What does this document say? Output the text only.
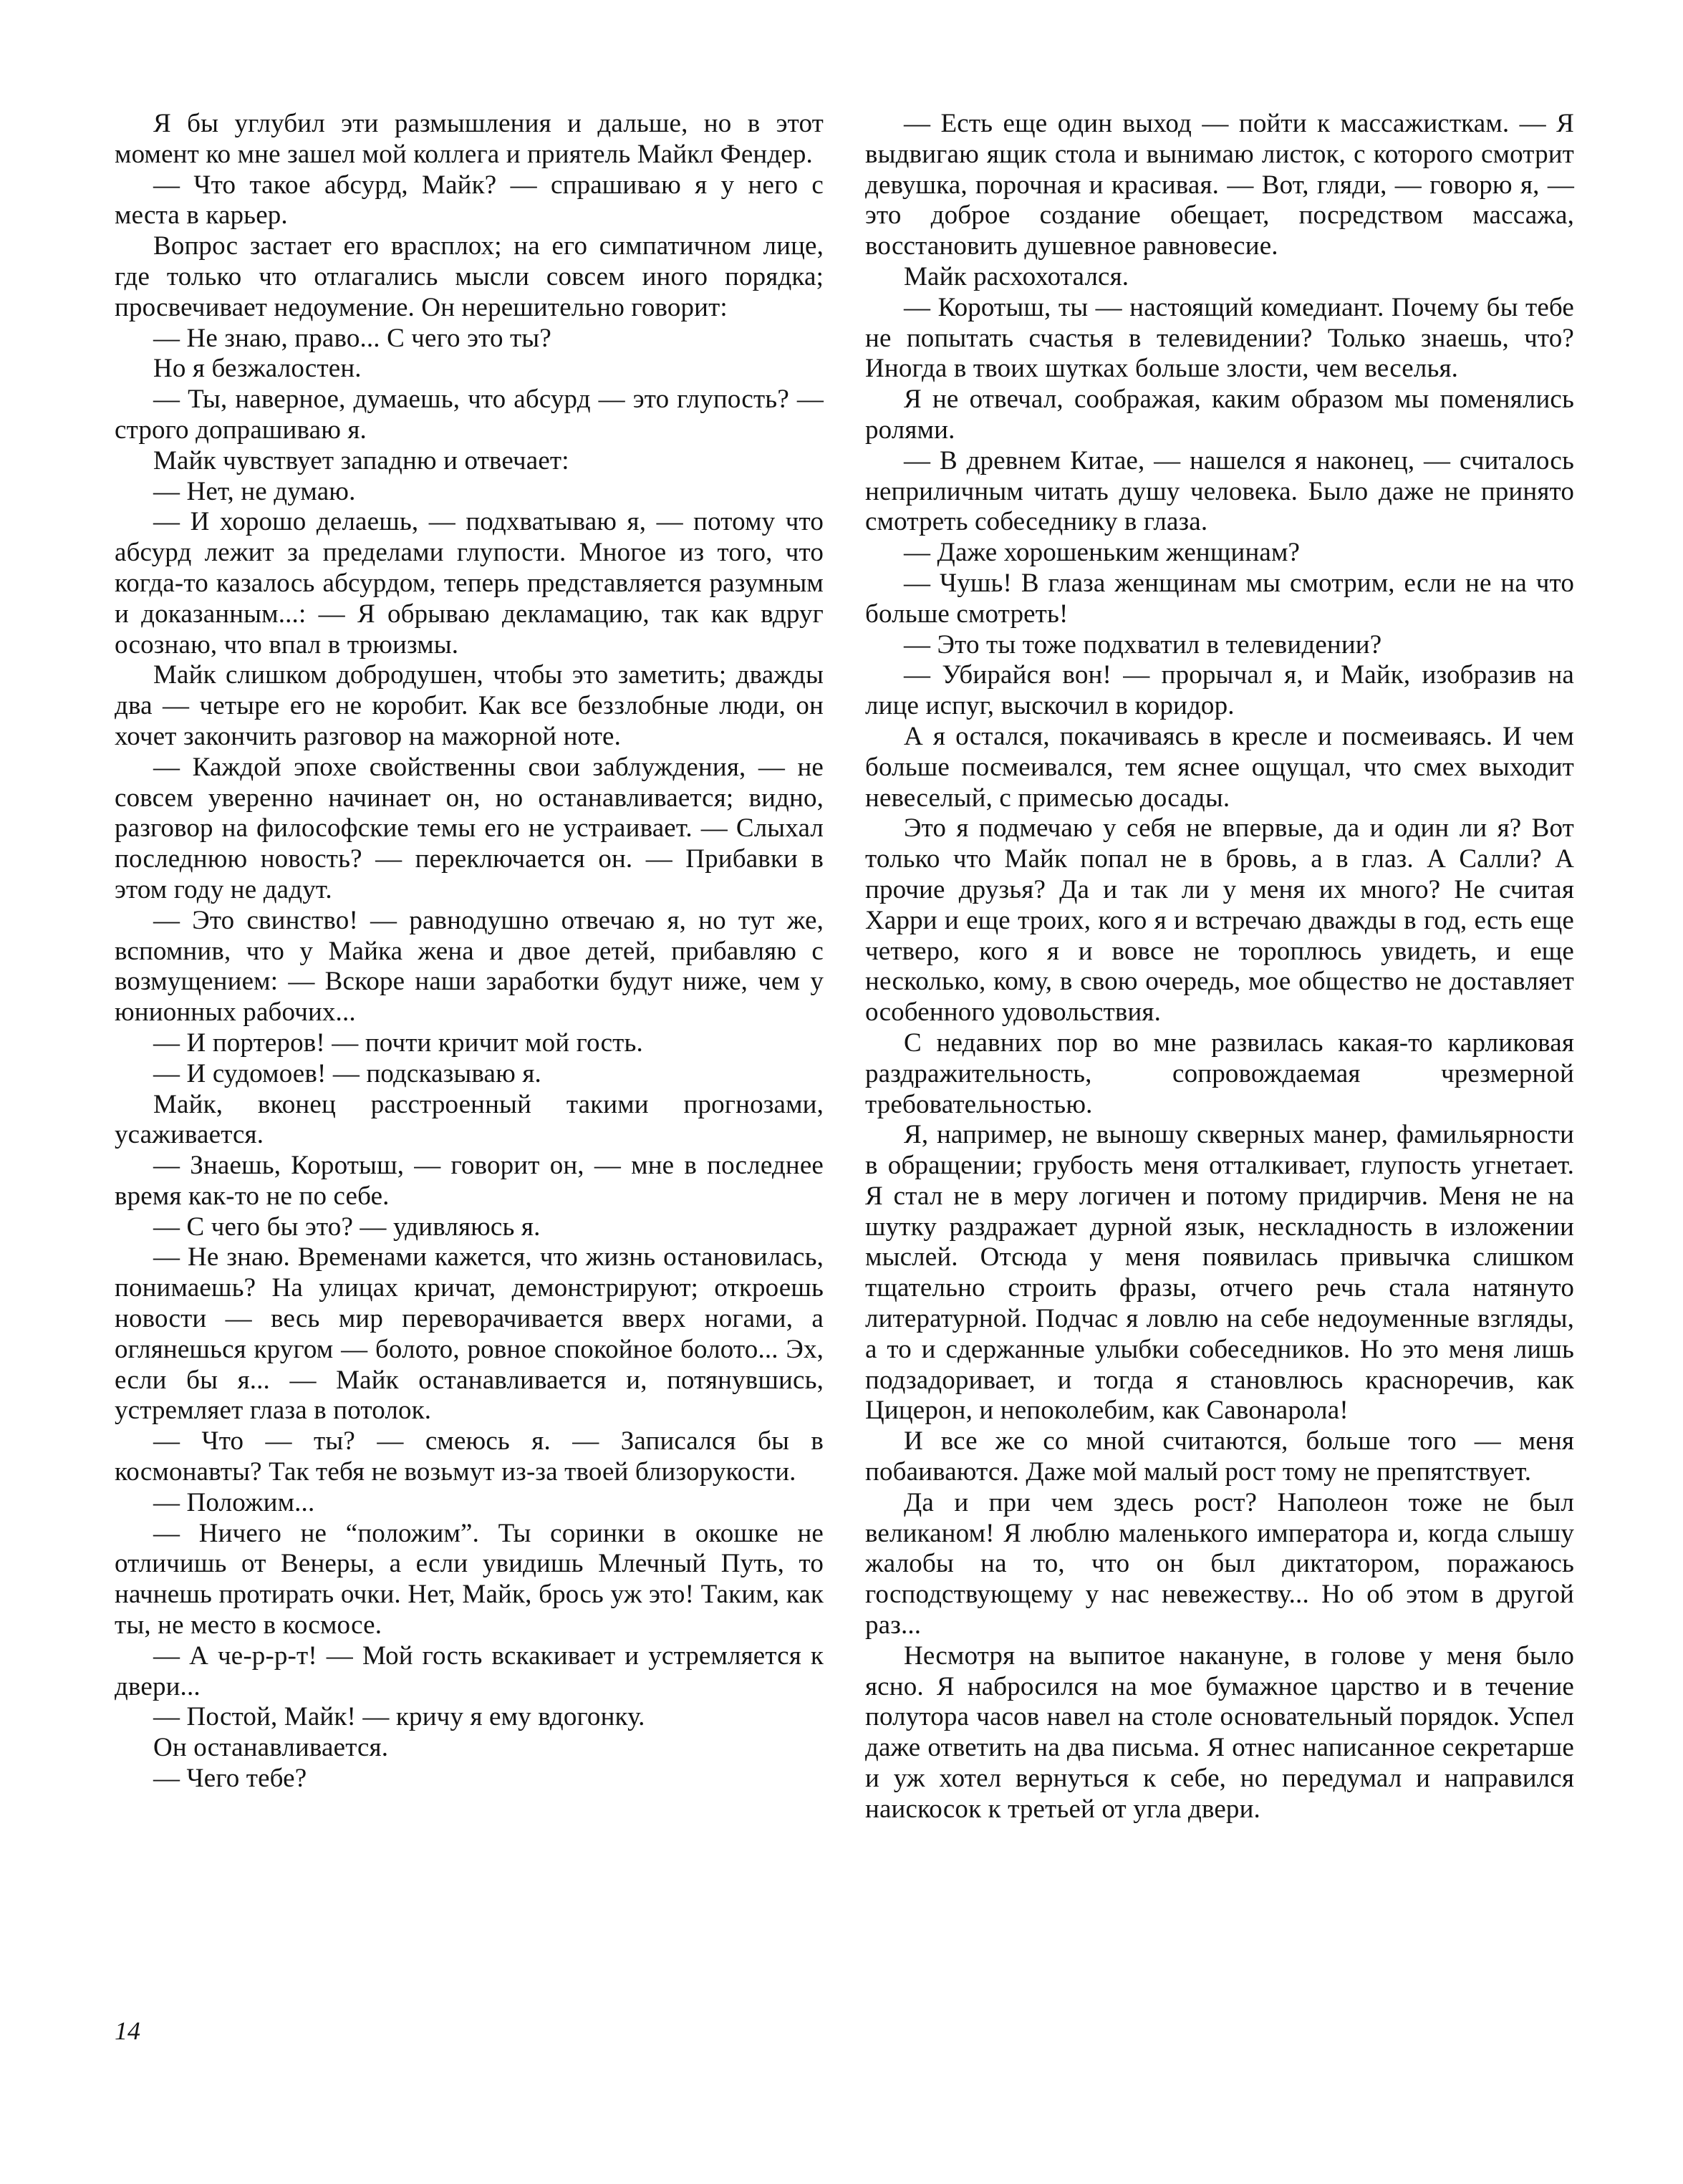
Я бы углубил эти размышления и дальше, но в этот момент ко мне зашел мой коллега и приятель Майкл Фендер.

— Что такое абсурд, Майк? — спрашиваю я у него с места в карьер.

Вопрос застает его врасплох; на его симпатичном лице, где только что отлагались мысли совсем иного порядка; просвечивает недоумение. Он нерешительно говорит:

— Не знаю, право... С чего это ты?

Но я безжалостен.

— Ты, наверное, думаешь, что абсурд — это глупость? — строго допрашиваю я.

Майк чувствует западню и отвечает:

— Нет, не думаю.

— И хорошо делаешь, — подхватываю я, — потому что абсурд лежит за пределами глупости. Многое из того, что когда-то казалось абсурдом, теперь представляется разумным и доказанным...: — Я обрываю декламацию, так как вдруг осознаю, что впал в трюизмы.

Майк слишком добродушен, чтобы это заметить; дважды два — четыре его не коробит. Как все беззлобные люди, он хочет закончить разговор на мажорной ноте.

— Каждой эпохе свойственны свои заблуждения, — не совсем уверенно начинает он, но останавливается; видно, разговор на философские темы его не устраивает. — Слыхал последнюю новость? — переключается он. — Прибавки в этом году не дадут.

— Это свинство! — равнодушно отвечаю я, но тут же, вспомнив, что у Майка жена и двое детей, прибавляю с возмущением: — Вскоре наши заработки будут ниже, чем у юнионных рабочих...

— И портеров! — почти кричит мой гость.

— И судомоев! — подсказываю я.

Майк, вконец расстроенный такими прогнозами, усаживается.

— Знаешь, Коротыш, — говорит он, — мне в последнее время как-то не по себе.

— С чего бы это? — удивляюсь я.

— Не знаю. Временами кажется, что жизнь остановилась, понимаешь? На улицах кричат, демонстрируют; откроешь новости — весь мир переворачивается вверх ногами, а оглянешься кругом — болото, ровное спокойное болото... Эх, если бы я... — Майк останавливается и, потянувшись, устремляет глаза в потолок.

— Что — ты? — смеюсь я. — Записался бы в космонавты? Так тебя не возьмут из-за твоей близорукости.

— Положим...

— Ничего не “положим”. Ты соринки в окошке не отличишь от Венеры, а если увидишь Млечный Путь, то начнешь протирать очки. Нет, Майк, брось уж это! Таким, как ты, не место в космосе.

— А че-р-р-т! — Мой гость вскакивает и устремляется к двери...

— Постой, Майк! — кричу я ему вдогонку.

Он останавливается.

— Чего тебе?

— Есть еще один выход — пойти к массажисткам. — Я выдвигаю ящик стола и вынимаю листок, с которого смотрит девушка, порочная и красивая. — Вот, гляди, — говорю я, — это доброе создание обещает, посредством массажа, восстановить душевное равновесие.

Майк расхохотался.

— Коротыш, ты — настоящий комедиант. Почему бы тебе не попытать счастья в телевидении? Только знаешь, что? Иногда в твоих шутках больше злости, чем веселья.

Я не отвечал, соображая, каким образом мы поменялись ролями.

— В древнем Китае, — нашелся я наконец, — считалось неприличным читать душу человека. Было даже не принято смотреть собеседнику в глаза.

— Даже хорошеньким женщинам?

— Чушь! В глаза женщинам мы смотрим, если не на что больше смотреть!

— Это ты тоже подхватил в телевидении?

— Убирайся вон! — прорычал я, и Майк, изобразив на лице испуг, выскочил в коридор.

А я остался, покачиваясь в кресле и посмеиваясь. И чем больше посмеивался, тем яснее ощущал, что смех выходит невеселый, с примесью досады.

Это я подмечаю у себя не впервые, да и один ли я? Вот только что Майк попал не в бровь, а в глаз. А Салли? А прочие друзья? Да и так ли у меня их много? Не считая Харри и еще троих, кого я и встречаю дважды в год, есть еще четверо, кого я и вовсе не тороплюсь увидеть, и еще несколько, кому, в свою очередь, мое общество не доставляет особенного удовольствия.

С недавних пор во мне развилась какая-то карликовая раздражительность, сопровождаемая чрезмерной требовательностью.

Я, например, не выношу скверных манер, фамильярности в обращении; грубость меня отталкивает, глупость угнетает. Я стал не в меру логичен и потому придирчив. Меня не на шутку раздражает дурной язык, нескладность в изложении мыслей. Отсюда у меня появилась привычка слишком тщательно строить фразы, отчего речь стала натянуто литературной. Подчас я ловлю на себе недоуменные взгляды, а то и сдержанные улыбки собеседников. Но это меня лишь подзадоривает, и тогда я становлюсь красноречив, как Цицерон, и непоколебим, как Савонарола!

И все же со мной считаются, больше того — меня побаиваются. Даже мой малый рост тому не препятствует.

Да и при чем здесь рост? Наполеон тоже не был великаном! Я люблю маленького императора и, когда слышу жалобы на то, что он был диктатором, поражаюсь господствующему у нас невежеству... Но об этом в другой раз...

Несмотря на выпитое накануне, в голове у меня было ясно. Я набросился на мое бумажное царство и в течение полутора часов навел на столе основательный порядок. Успел даже ответить на два письма. Я отнес написанное секретарше и уж хотел вернуться к себе, но передумал и направился наискосок к третьей от угла двери.

14
